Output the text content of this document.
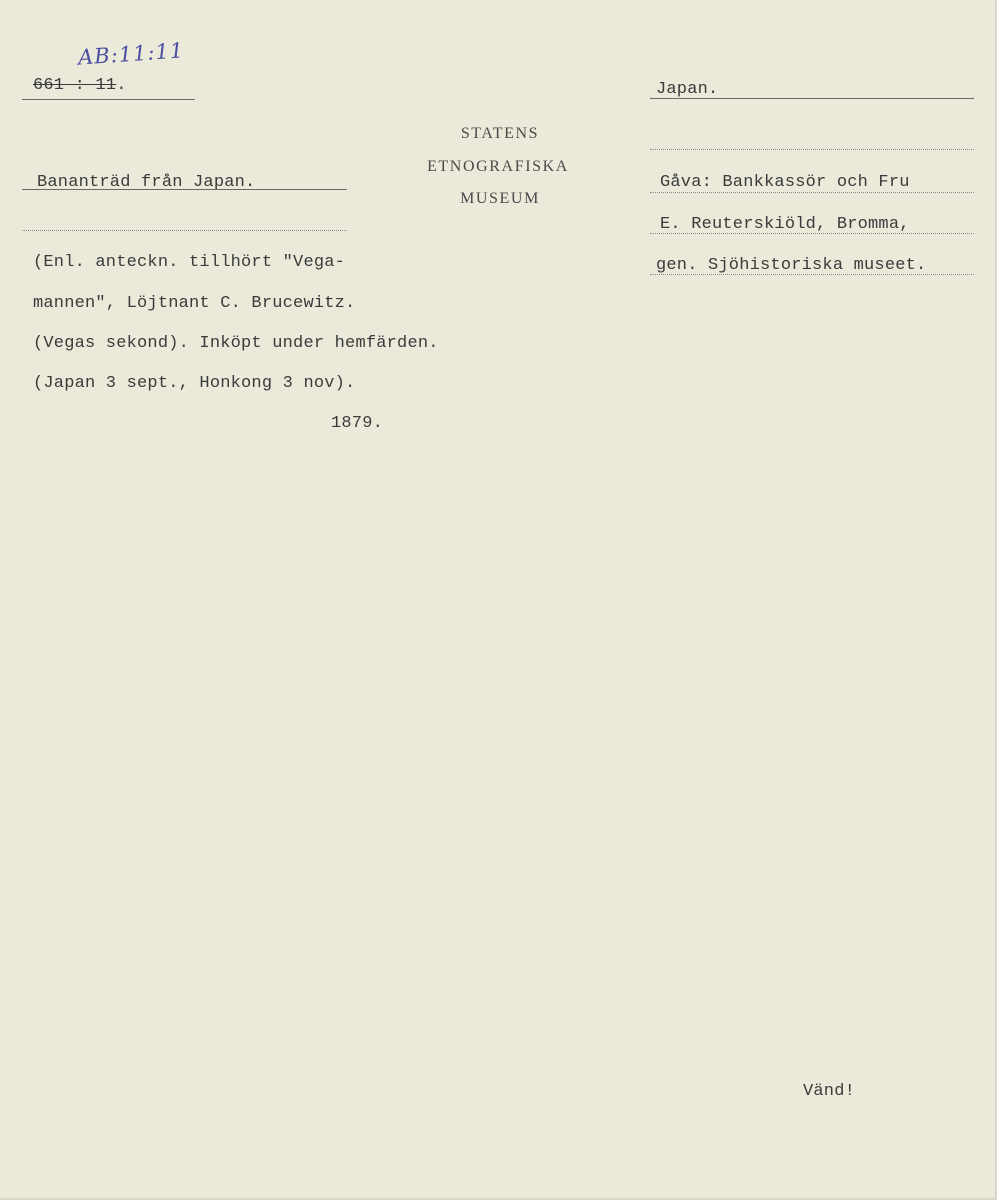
AB:11:11
661 : 11.	Japan.
STATENS
ETNOGRAFISKA
MUSEUM
Bananträd från Japan.	Gåva: Bankkassör och Fru
E. Reuterskiöld, Bromma,
gen. Sjöhistoriska museet.
(Enl. anteckn. tillhört "Vega-
mannen", Löjtnant C. Brucewitz.
(Vegas sekond). Inköpt under hemfärden.
(Japan 3 sept., Honkong 3 nov).
1879.
Vänd!
